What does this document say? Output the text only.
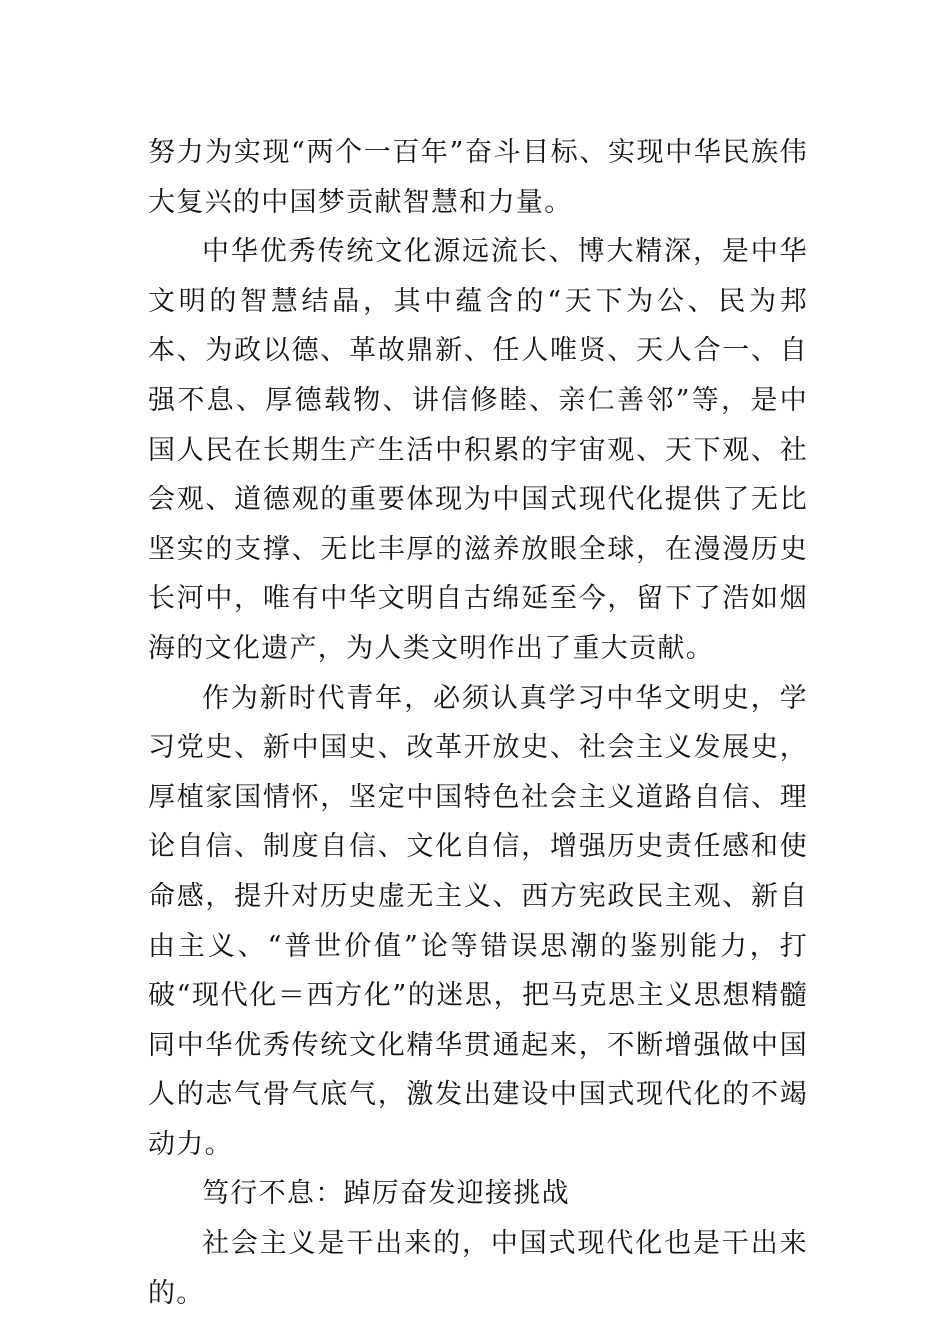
努力为实现“两个一百年”奋斗目标、实现中华民族伟大复兴的中国梦贡献智慧和力量。

中华优秀传统文化源远流长、博大精深，是中华文明的智慧结晶，其中蕴含的“天下为公、民为邦本、为政以德、革故鼎新、任人唯贤、天人合一、自强不息、厚德载物、讲信修睦、亲仁善邻”等，是中国人民在长期生产生活中积累的宇宙观、天下观、社会观、道德观的重要体现为中国式现代化提供了无比坚实的支撑、无比丰厚的滋养放眼全球，在漫漫历史长河中，唯有中华文明自古绵延至今，留下了浩如烟海的文化遗产，为人类文明作出了重大贡献。

作为新时代青年，必须认真学习中华文明史，学习党史、新中国史、改革开放史、社会主义发展史，厚植家国情怀，坚定中国特色社会主义道路自信、理论自信、制度自信、文化自信，增强历史责任感和使命感，提升对历史虚无主义、西方宪政民主观、新自由主义、“普世价值”论等错误思潮的鉴别能力，打破“现代化＝西方化”的迷思，把马克思主义思想精髓同中华优秀传统文化精华贯通起来，不断增强做中国人的志气骨气底气，激发出建设中国式现代化的不竭动力。

笃行不息：踔厉奋发迎接挑战

社会主义是干出来的，中国式现代化也是干出来的。
